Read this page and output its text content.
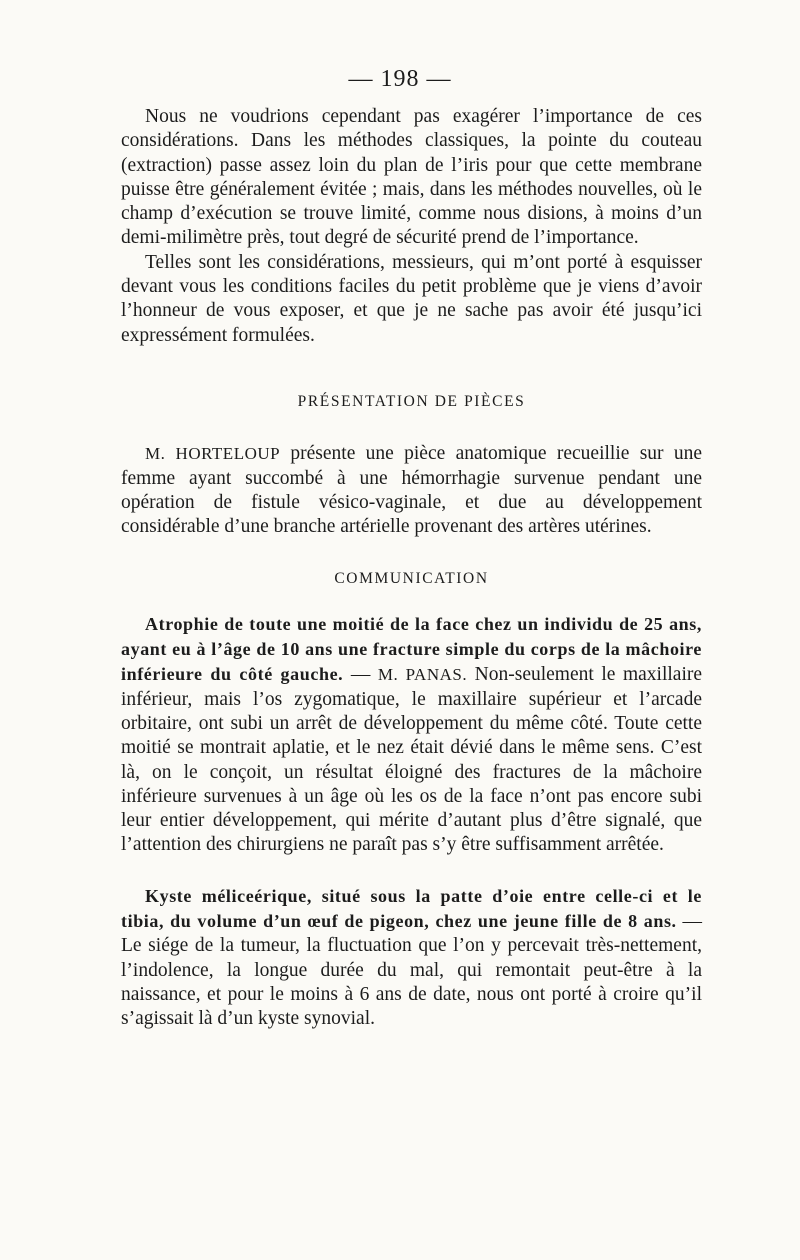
— 198 —

Nous ne voudrions cependant pas exagérer l’importance de ces considérations. Dans les méthodes classiques, la pointe du couteau (extraction) passe assez loin du plan de l’iris pour que cette membrane puisse être généralement évitée ; mais, dans les méthodes nouvelles, où le champ d’exécution se trouve limité, comme nous disions, à moins d’un demi-milimètre près, tout degré de sécurité prend de l’importance.

Telles sont les considérations, messieurs, qui m’ont porté à esquisser devant vous les conditions faciles du petit problème que je viens d’avoir l’honneur de vous exposer, et que je ne sache pas avoir été jusqu’ici expressément formulées.

PRÉSENTATION DE PIÈCES

M. HORTELOUP présente une pièce anatomique recueillie sur une femme ayant succombé à une hémorrhagie survenue pendant une opération de fistule vésico-vaginale, et due au développement considérable d’une branche artérielle provenant des artères utérines.

COMMUNICATION

Atrophie de toute une moitié de la face chez un individu de 25 ans, ayant eu à l’âge de 10 ans une fracture simple du corps de la mâchoire inférieure du côté gauche. — M. PANAS. Non-seulement le maxillaire inférieur, mais l’os zygomatique, le maxillaire supérieur et l’arcade orbitaire, ont subi un arrêt de développement du même côté. Toute cette moitié se montrait aplatie, et le nez était dévié dans le même sens. C’est là, on le conçoit, un résultat éloigné des fractures de la mâchoire inférieure survenues à un âge où les os de la face n’ont pas encore subi leur entier développement, qui mérite d’autant plus d’être signalé, que l’attention des chirurgiens ne paraît pas s’y être suffisamment arrêtée.

Kyste méliceérique, situé sous la patte d’oie entre celle-ci et le tibia, du volume d’un œuf de pigeon, chez une jeune fille de 8 ans. — Le siége de la tumeur, la fluctuation que l’on y percevait très-nettement, l’indolence, la longue durée du mal, qui remontait peut-être à la naissance, et pour le moins à 6 ans de date, nous ont porté à croire qu’il s’agissait là d’un kyste synovial.
